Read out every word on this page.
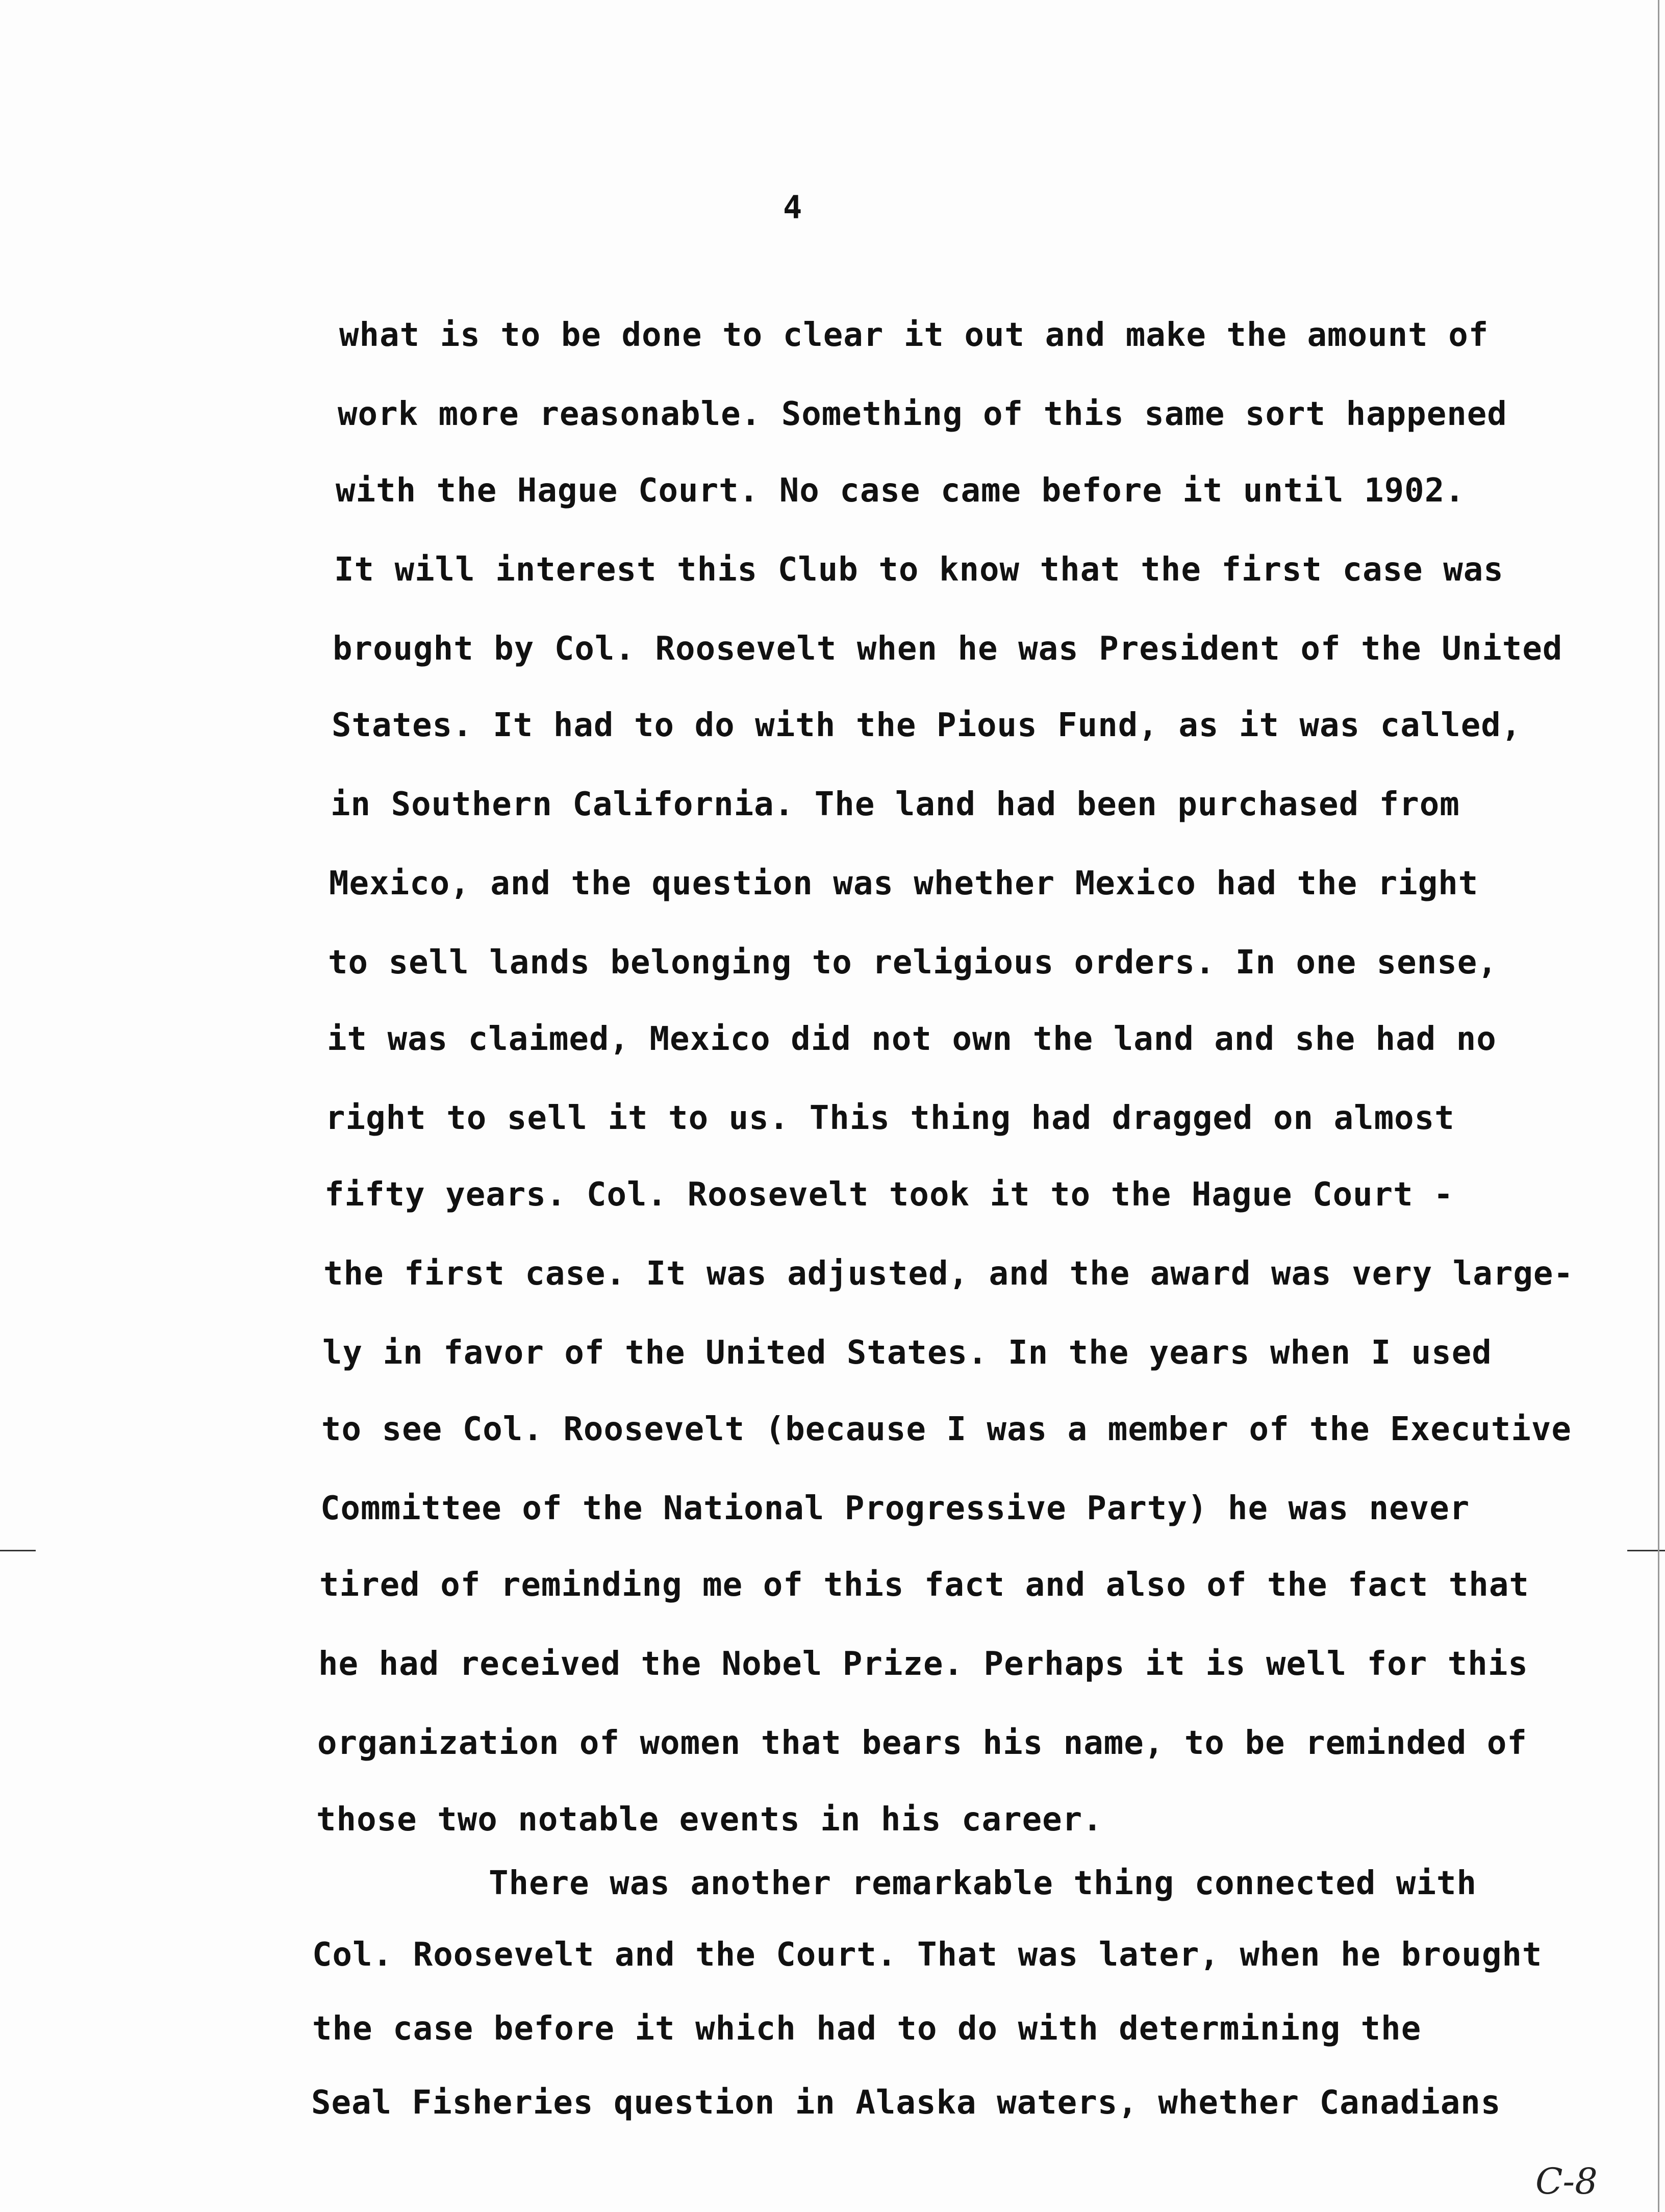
4
what is to be done to clear it out and make the amount of
work more reasonable. Something of this same sort happened
with the Hague Court. No case came before it until 1902.
It will interest this Club to know that the first case was
brought by Col. Roosevelt when he was President of the United
States. It had to do with the Pious Fund, as it was called,
in Southern California. The land had been purchased from
Mexico, and the question was whether Mexico had the right
to sell lands belonging to religious orders. In one sense,
it was claimed, Mexico did not own the land and she had no
right to sell it to us. This thing had dragged on almost
fifty years. Col. Roosevelt took it to the Hague Court -
the first case. It was adjusted, and the award was very large-
ly in favor of the United States. In the years when I used
to see Col. Roosevelt (because I was a member of the Executive
Committee of the National Progressive Party) he was never
tired of reminding me of this fact and also of the fact that
he had received the Nobel Prize. Perhaps it is well for this
organization of women that bears his name, to be reminded of
those two notable events in his career.
There was another remarkable thing connected with
Col. Roosevelt and the Court. That was later, when he brought
the case before it which had to do with determining the
Seal Fisheries question in Alaska waters, whether Canadians
C-8
